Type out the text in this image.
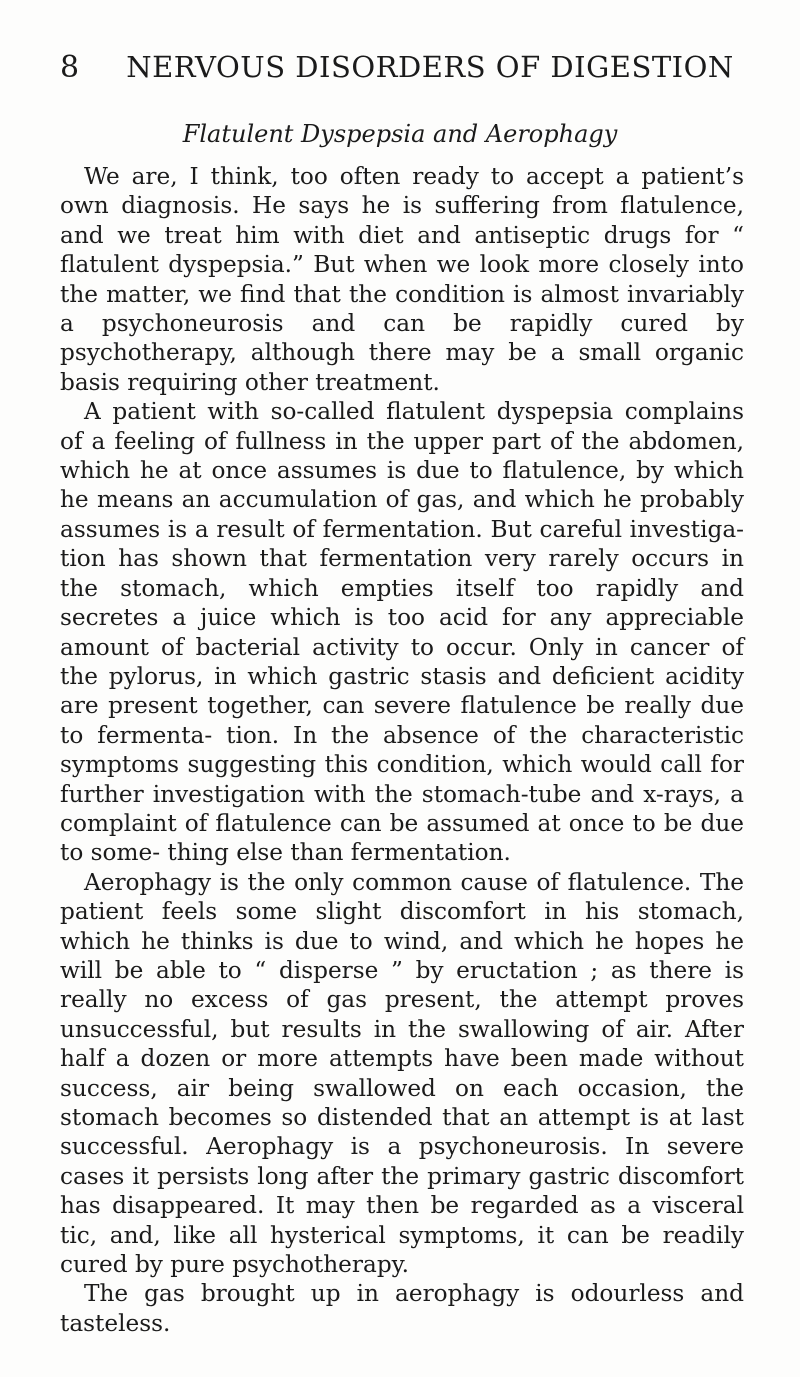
8 NERVOUS DISORDERS OF DIGESTION
Flatulent Dyspepsia and Aerophagy

We are, I think, too often ready to accept a patient’s own diagnosis. He says he is suffering from flatulence, and we treat him with diet and antiseptic drugs for “ flatulent dyspepsia.” But when we look more closely into the matter, we find that the condition is almost invariably a psychoneurosis and can be rapidly cured by psychotherapy, although there may be a small organic basis requiring other treatment.

A patient with so-called flatulent dyspepsia complains of a feeling of fullness in the upper part of the abdomen, which he at once assumes is due to flatulence, by which he means an accumulation of gas, and which he probably assumes is a result of fermentation. But careful investiga- tion has shown that fermentation very rarely occurs in the stomach, which empties itself too rapidly and secretes a juice which is too acid for any appreciable amount of bacterial activity to occur. Only in cancer of the pylorus, in which gastric stasis and deficient acidity are present together, can severe flatulence be really due to fermenta- tion. In the absence of the characteristic symptoms suggesting this condition, which would call for further investigation with the stomach-tube and x-rays, a complaint of flatulence can be assumed at once to be due to some- thing else than fermentation.

Aerophagy is the only common cause of flatulence. The patient feels some slight discomfort in his stomach, which he thinks is due to wind, and which he hopes he will be able to “ disperse ” by eructation ; as there is really no excess of gas present, the attempt proves unsuccessful, but results in the swallowing of air. After half a dozen or more attempts have been made without success, air being swallowed on each occasion, the stomach becomes so distended that an attempt is at last successful. Aerophagy is a psychoneurosis. In severe cases it persists long after the primary gastric discomfort has disappeared. It may then be regarded as a visceral tic, and, like all hysterical symptoms, it can be readily cured by pure psychotherapy.

The gas brought up in aerophagy is odourless and tasteless.
